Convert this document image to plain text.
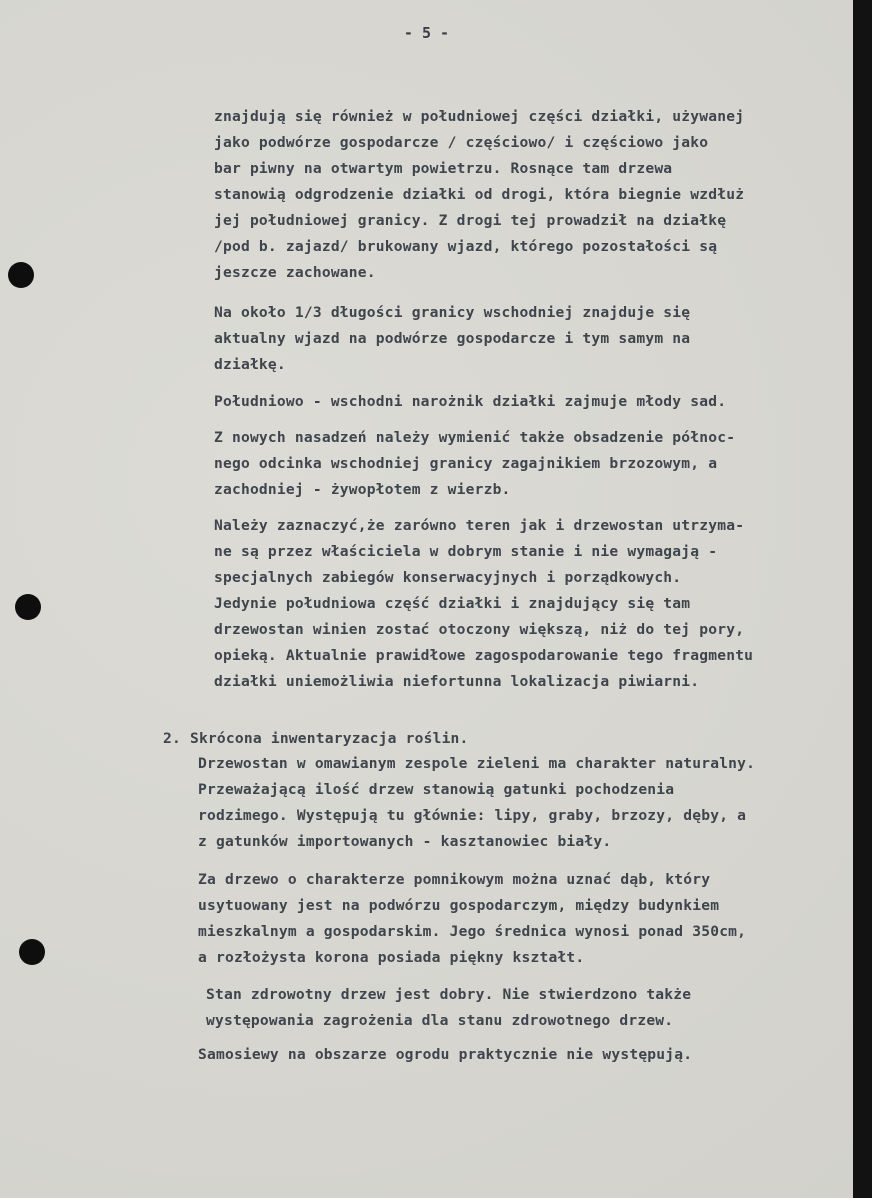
- 5 -
znajdują się również w południowej części działki, używanej
jako podwórze gospodarcze / częściowo/ i częściowo jako
bar piwny na otwartym powietrzu. Rosnące tam drzewa
stanowią odgrodzenie działki od drogi, która biegnie wzdłuż
jej południowej granicy. Z drogi tej prowadził na działkę
/pod b. zajazd/ brukowany wjazd, którego pozostałości są
jeszcze zachowane.
Na około 1/3 długości granicy wschodniej znajduje się
aktualny wjazd na podwórze gospodarcze i tym samym na
działkę.
Południowo - wschodni narożnik działki zajmuje młody sad.
Z nowych nasadzeń należy wymienić także obsadzenie północ-
nego odcinka wschodniej granicy zagajnikiem brzozowym, a
zachodniej - żywopłotem z wierzb.
Należy zaznaczyć,że zarówno teren jak i drzewostan utrzyma-
ne są przez właściciela w dobrym stanie i nie wymagają -
specjalnych zabiegów konserwacyjnych i porządkowych.
Jedynie południowa część działki i znajdujący się tam
drzewostan winien zostać otoczony większą, niż do tej pory,
opieką. Aktualnie prawidłowe zagospodarowanie tego fragmentu
działki uniemożliwia niefortunna lokalizacja piwiarni.
2. Skrócona inwentaryzacja roślin.
Drzewostan w omawianym zespole zieleni ma charakter naturalny.
Przeważającą ilość drzew stanowią gatunki pochodzenia
rodzimego. Występują tu głównie: lipy, graby, brzozy, dęby, a
z gatunków importowanych - kasztanowiec biały.
Za drzewo o charakterze pomnikowym można uznać dąb, który
usytuowany jest na podwórzu gospodarczym, między budynkiem
mieszkalnym a gospodarskim. Jego średnica wynosi ponad 350cm,
a rozłożysta korona posiada piękny kształt.
Stan zdrowotny drzew jest dobry. Nie stwierdzono także
występowania zagrożenia dla stanu zdrowotnego drzew.
Samosiewy na obszarze ogrodu praktycznie nie występują.
